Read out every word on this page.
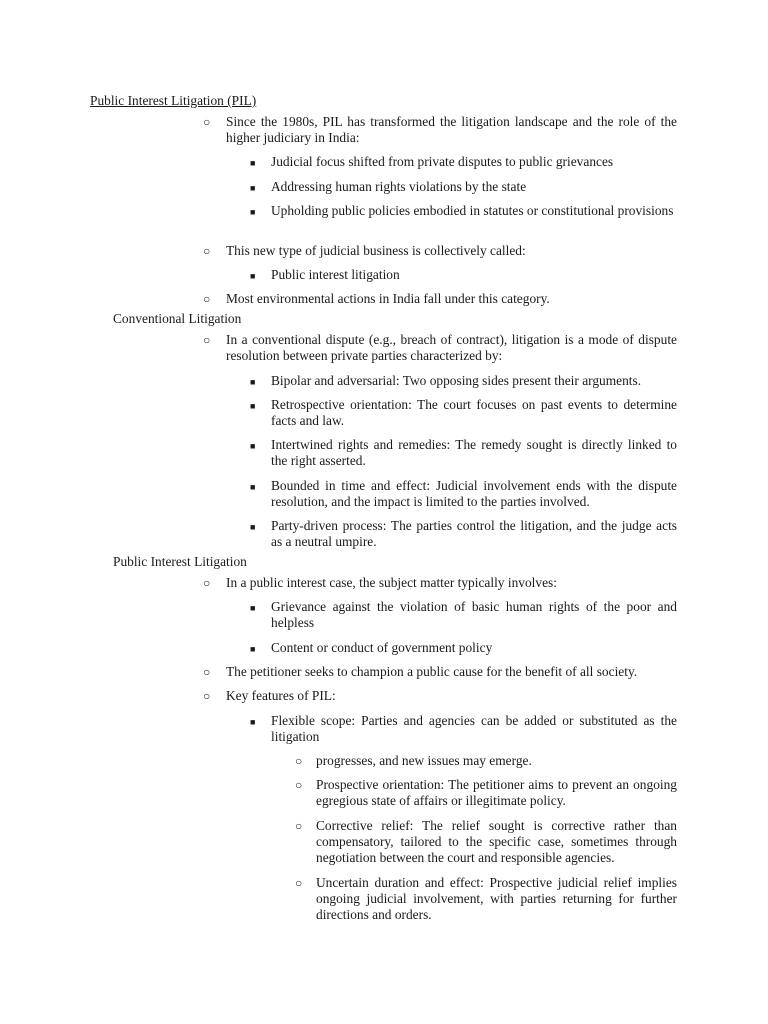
Public Interest Litigation (PIL)
○ Since the 1980s, PIL has transformed the litigation landscape and the role of the higher judiciary in India:
■ Judicial focus shifted from private disputes to public grievances
■ Addressing human rights violations by the state
■ Upholding public policies embodied in statutes or constitutional provisions
○ This new type of judicial business is collectively called:
■ Public interest litigation
○ Most environmental actions in India fall under this category.
Conventional Litigation
○ In a conventional dispute (e.g., breach of contract), litigation is a mode of dispute resolution between private parties characterized by:
■ Bipolar and adversarial: Two opposing sides present their arguments.
■ Retrospective orientation: The court focuses on past events to determine facts and law.
■ Intertwined rights and remedies: The remedy sought is directly linked to the right asserted.
■ Bounded in time and effect: Judicial involvement ends with the dispute resolution, and the impact is limited to the parties involved.
■ Party-driven process: The parties control the litigation, and the judge acts as a neutral umpire.
Public Interest Litigation
○ In a public interest case, the subject matter typically involves:
■ Grievance against the violation of basic human rights of the poor and helpless
■ Content or conduct of government policy
○ The petitioner seeks to champion a public cause for the benefit of all society.
○ Key features of PIL:
■ Flexible scope: Parties and agencies can be added or substituted as the litigation
○ progresses, and new issues may emerge.
○ Prospective orientation: The petitioner aims to prevent an ongoing egregious state of affairs or illegitimate policy.
○ Corrective relief: The relief sought is corrective rather than compensatory, tailored to the specific case, sometimes through negotiation between the court and responsible agencies.
○ Uncertain duration and effect: Prospective judicial relief implies ongoing judicial involvement, with parties returning for further directions and orders.
